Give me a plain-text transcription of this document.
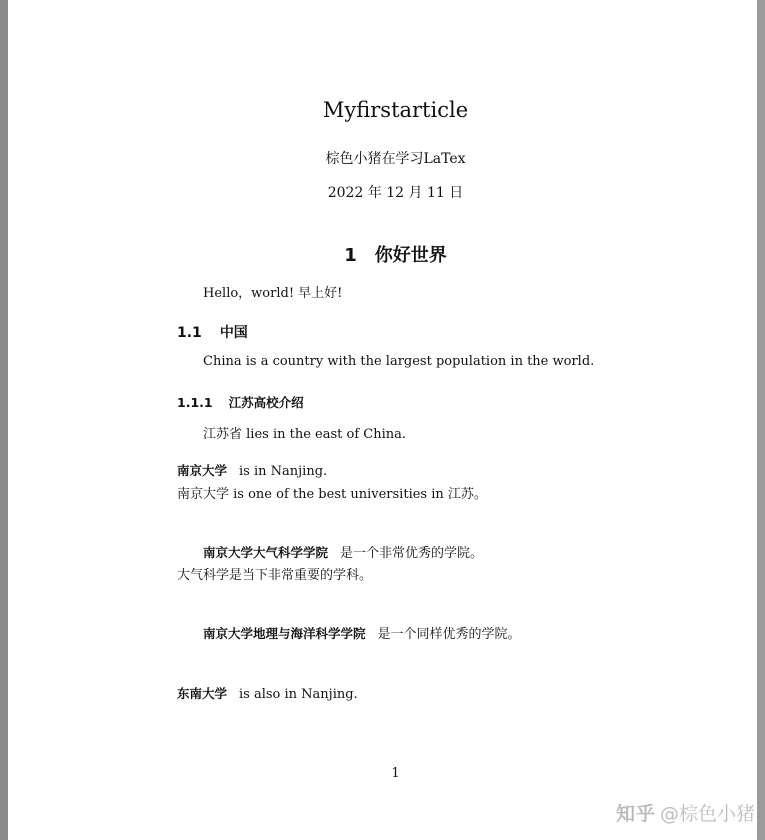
Myfirstarticle
棕色小猪在学习LaTex
2022 年 12 月 11 日
1 你好世界
Hello，world! 早上好!
1.1 中国
China is a country with the largest population in the world.
1.1.1 江苏高校介绍
江苏省 lies in the east of China.
南京大学 is in Nanjing.
南京大学 is one of the best universities in 江苏。
南京大学大气科学学院 是一个非常优秀的学院。
大气科学是当下非常重要的学科。
南京大学地理与海洋科学学院 是一个同样优秀的学院。
东南大学 is also in Nanjing.
1
知乎 @棕色小猪
